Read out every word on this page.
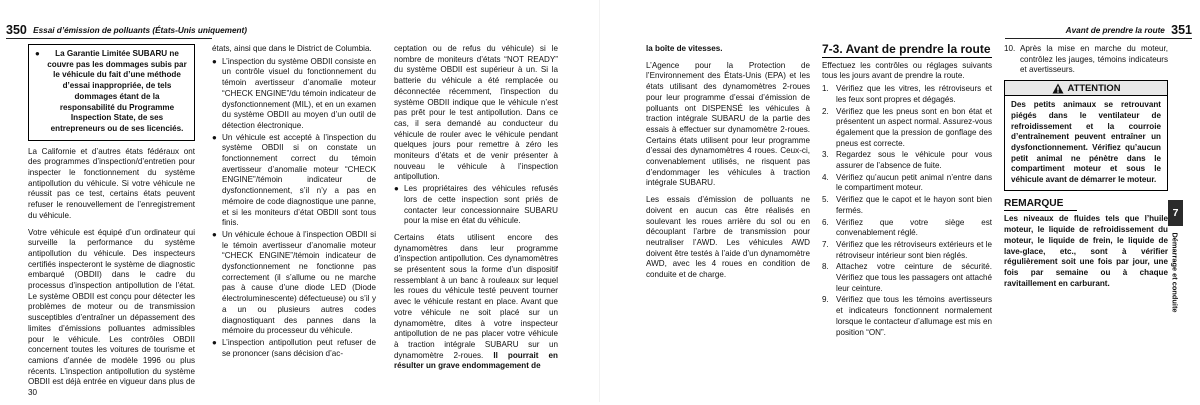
350 Essai d’émission de polluants (États-Unis uniquement)
● La Garantie Limitée SUBARU ne couvre pas les dommages subis par le véhicule du fait d’une méthode d’essai inappropriée, de tels dommages étant de la responsabilité du Programme Inspection State, de ses entrepreneurs ou de ses licenciés.

La Californie et d’autres états fédéraux ont des programmes d’inspection/d’entretien pour inspecter le fonctionnement du système antipollution du véhicule. Si votre véhicule ne réussit pas ce test, certains états peuvent refuser le renouvellement de l’enregistrement du véhicule.

Votre véhicule est équipé d’un ordinateur qui surveille la performance du système antipollution du véhicule. Des inspecteurs certifiés inspecteront le système de diagnostic embarqué (OBDII) dans le cadre du processus d’inspection antipollution de l’état. Le système OBDII est conçu pour détecter les problèmes de moteur ou de transmission susceptibles d’entraîner un dépassement des limites d’émissions polluantes admissibles pour le véhicule. Les contrôles OBDII concernent toutes les voitures de tourisme et camions d’année de modèle 1996 ou plus récents. L’inspection antipollution du système OBDII est déjà entrée en vigueur dans plus de 30

états, ainsi que dans le District de Columbia.

● L’inspection du système OBDII consiste en un contrôle visuel du fonctionnement du témoin avertisseur d’anomalie moteur “CHECK ENGINE”/du témoin indicateur de dysfonctionnement (MIL), et en un examen du système OBDII au moyen d’un outil de détection électronique.
● Un véhicule est accepté à l’inspection du système OBDII si on constate un fonctionnement correct du témoin avertisseur d’anomalie moteur “CHECK ENGINE”/témoin indicateur de dysfonctionnement, s’il n’y a pas en mémoire de code diagnostique une panne, et si les moniteurs d’état OBDII sont tous finis.
● Un véhicule échoue à l’inspection OBDII si le témoin avertisseur d’anomalie moteur “CHECK ENGINE”/témoin indicateur de dysfonctionnement ne fonctionne pas correctement (il s’allume ou ne marche pas à cause d’une diode LED (Diode électroluminescente) défectueuse) ou s’il y a un ou plusieurs autres codes diagnostiquant des pannes dans la mémoire du processeur du véhicule.
● L’inspection antipollution peut refuser de se prononcer (sans décision d’ac-

ceptation ou de refus du véhicule) si le nombre de moniteurs d’états “NOT READY” du système OBDII est supérieur à un. Si la batterie du véhicule a été remplacée ou déconnectée récemment, l’inspection du système OBDII indique que le véhicule n’est pas prêt pour le test antipollution. Dans ce cas, il sera demandé au conducteur du véhicule de rouler avec le véhicule pendant quelques jours pour remettre à zéro les moniteurs d’états et de venir présenter à nouveau le véhicule à l’inspection antipollution.

● Les propriétaires des véhicules refusés lors de cette inspection sont priés de contacter leur concessionnaire SUBARU pour la mise en état du véhicule.

Certains états utilisent encore des dynamomètres dans leur programme d’inspection antipollution. Ces dynamomètres se présentent sous la forme d’un dispositif ressemblant à un banc à rouleaux sur lequel les roues du véhicule testé peuvent tourner avec le véhicule restant en place. Avant que votre véhicule ne soit placé sur un dynamomètre, dites à votre inspecteur antipollution de ne pas placer votre véhicule à traction intégrale SUBARU sur un dynamomètre 2-roues. Il pourrait en résulter un grave endommagement de

Avant de prendre la route 351

la boîte de vitesses.

L’Agence pour la Protection de l’Environnement des États-Unis (EPA) et les états utilisant des dynamomètres 2-roues pour leur programme d’essai d’émission de polluants ont DISPENSÉ les véhicules à traction intégrale SUBARU de la partie des essais à effectuer sur dynamomètre 2-roues. Certains états utilisent pour leur programme d’essai des dynamomètres 4 roues. Ceux-ci, convenablement utilisés, ne risquent pas d’endommager les véhicules à traction intégrale SUBARU.

Les essais d’émission de polluants ne doivent en aucun cas être réalisés en soulevant les roues arrière du sol ou en découplant l’arbre de transmission pour neutraliser l’AWD. Les véhicules AWD doivent être testés à l’aide d’un dynamomètre AWD, avec les 4 roues en condition de conduite et de charge.

7-3. Avant de prendre la route

Effectuez les contrôles ou réglages suivants tous les jours avant de prendre la route.

1. Vérifiez que les vitres, les rétroviseurs et les feux sont propres et dégagés.
2. Vérifiez que les pneus sont en bon état et présentent un aspect normal. Assurez-vous également que la pression de gonflage des pneus est correcte.
3. Regardez sous le véhicule pour vous assurer de l’absence de fuite.
4. Vérifiez qu’aucun petit animal n’entre dans le compartiment moteur.
5. Vérifiez que le capot et le hayon sont bien fermés.
6. Vérifiez que votre siège est convenablement réglé.
7. Vérifiez que les rétroviseurs extérieurs et le rétroviseur intérieur sont bien réglés.
8. Attachez votre ceinture de sécurité. Vérifiez que tous les passagers ont attaché leur ceinture.
9. Vérifiez que tous les témoins avertisseurs et indicateurs fonctionnent normalement lorsque le contacteur d’allumage est mis en position “ON”.
10. Après la mise en marche du moteur, contrôlez les jauges, témoins indicateurs et avertisseurs.
ATTENTION
Des petits animaux se retrouvant piégés dans le ventilateur de refroidissement et la courroie d’entraînement peuvent entraîner un dysfonctionnement. Vérifiez qu’aucun petit animal ne pénètre dans le compartiment moteur et sous le véhicule avant de démarrer le moteur.
REMARQUE
Les niveaux de fluides tels que l’huile moteur, le liquide de refroidissement du moteur, le liquide de frein, le liquide de lave-glace, etc., sont à vérifier régulièrement soit une fois par jour, une fois par semaine ou à chaque ravitaillement en carburant.
7
Démarrage et conduite
